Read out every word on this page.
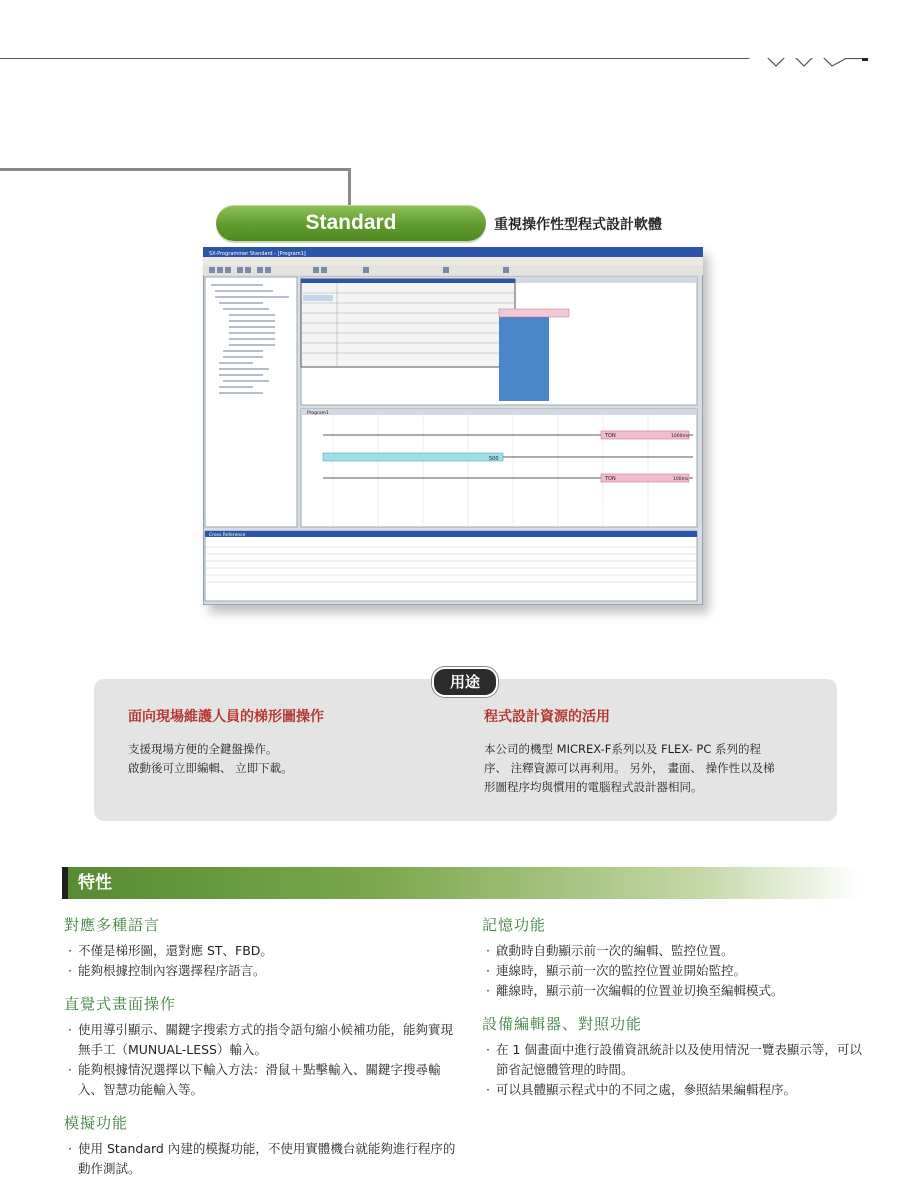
Standard	重視操作性型程式設計軟體
SX-Programmer Standard - [Program1]
Program1
TON	1000ms
500
TON	100ms
Cross Reference
用途
面向現場維護人員的梯形圖操作

支援現場方便的全鍵盤操作。

啟動後可立即編輯、 立即下載。

程式設計資源的活用

本公司的機型 MICREX-F系列以及 FLEX- PC 系列的程

序、 注釋資源可以再利用。 另外， 畫面、 操作性以及梯

形圖程序均與慣用的電腦程式設計器相同。

特性
對應多種語言
· 不僅是梯形圖，還對應 ST、FBD。
· 能夠根據控制內容選擇程序語言。
直覺式畫面操作
· 使用導引顯示、關鍵字搜索方式的指令語句縮小候補功能，能夠實現無手工（MUNUAL-LESS）輸入。
· 能夠根據情況選擇以下輸入方法：滑鼠＋點擊輸入、關鍵字搜尋輸入、智慧功能輸入等。
模擬功能
· 使用 Standard 內建的模擬功能，不使用實體機台就能夠進行程序的動作測試。
記憶功能
· 啟動時自動顯示前一次的編輯、監控位置。
· 連線時，顯示前一次的監控位置並開始監控。
· 離線時，顯示前一次編輯的位置並切換至編輯模式。
設備編輯器、對照功能
· 在 1 個畫面中進行設備資訊統計以及使用情況一覽表顯示等，可以節省記憶體管理的時間。
· 可以具體顯示程式中的不同之處，參照結果編輯程序。
